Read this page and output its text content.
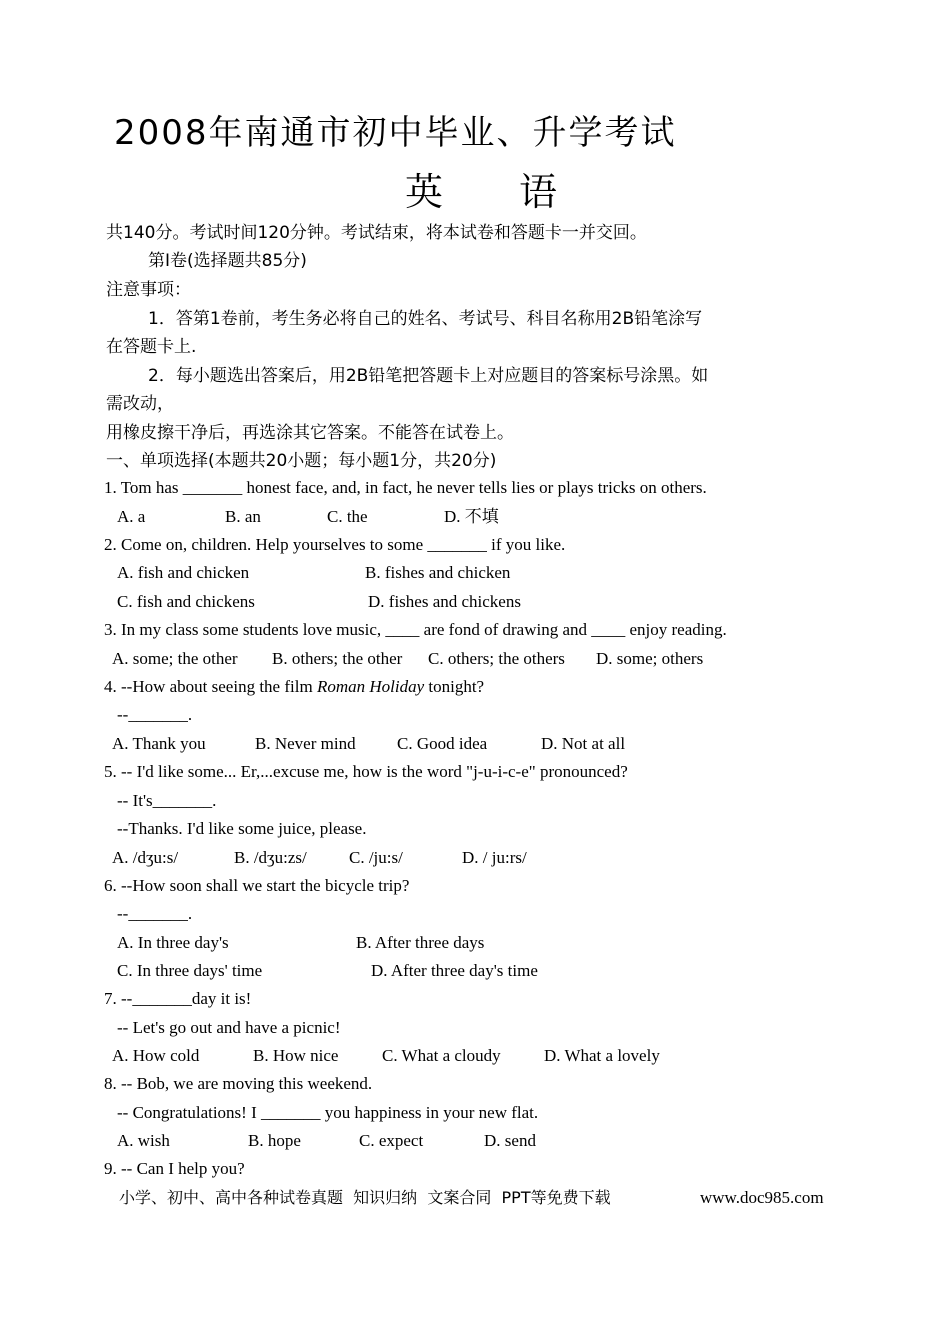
2008年南通市初中毕业、升学考试
英　　语
共140分。考试时间120分钟。考试结束，将本试卷和答题卡一并交回。
第Ⅰ卷(选择题共85分)
注意事项：
1．答第1卷前，考生务必将自己的姓名、考试号、科目名称用2B铅笔涂写
在答题卡上.
2．每小题选出答案后，用2B铅笔把答题卡上对应题目的答案标号涂黑。如
需改动，
用橡皮擦干净后，再选涂其它答案。不能答在试卷上。
一、单项选择(本题共20小题；每小题1分，共20分)
1. Tom has _______ honest face, and, in fact, he never tells lies or plays tricks on others.
A. a	B. an	C. the	D. 不填
2. Come on, children. Help yourselves to some _______ if you like.
A. fish and chicken	B. fishes and chicken
C. fish and chickens	D. fishes and chickens
3. In my class some students love music, ____ are fond of drawing and ____ enjoy reading.
A. some; the other B. others; the other C. others; the others D. some; others
4. --How about seeing the film Roman Holiday tonight?
--_______.
A. Thank you	B. Never mind C. Good idea	D. Not at all
5. -- I'd like some... Er,...excuse me, how is the word "j-u-i-c-e" pronounced?
-- It's_______.
--Thanks. I'd like some juice, please.
A. /dʒu:s/	B. /dʒu:zs/ C. /ju:s/	D. / ju:rs/
6. --How soon shall we start the bicycle trip?
--_______.
A. In three day's	B. After three days
C. In three days' time	D. After three day's time
7. --_______day it is!
-- Let's go out and have a picnic!
A. How cold	B. How nice	C. What a cloudy	D. What a lovely
8. -- Bob, we are moving this weekend.
-- Congratulations! I _______ you happiness in your new flat.
A. wish	B. hope	C. expect	D. send
9. -- Can I help you?
小学、初中、高中各种试卷真题  知识归纳  文案合同  PPT等免费下载	www.doc985.com
